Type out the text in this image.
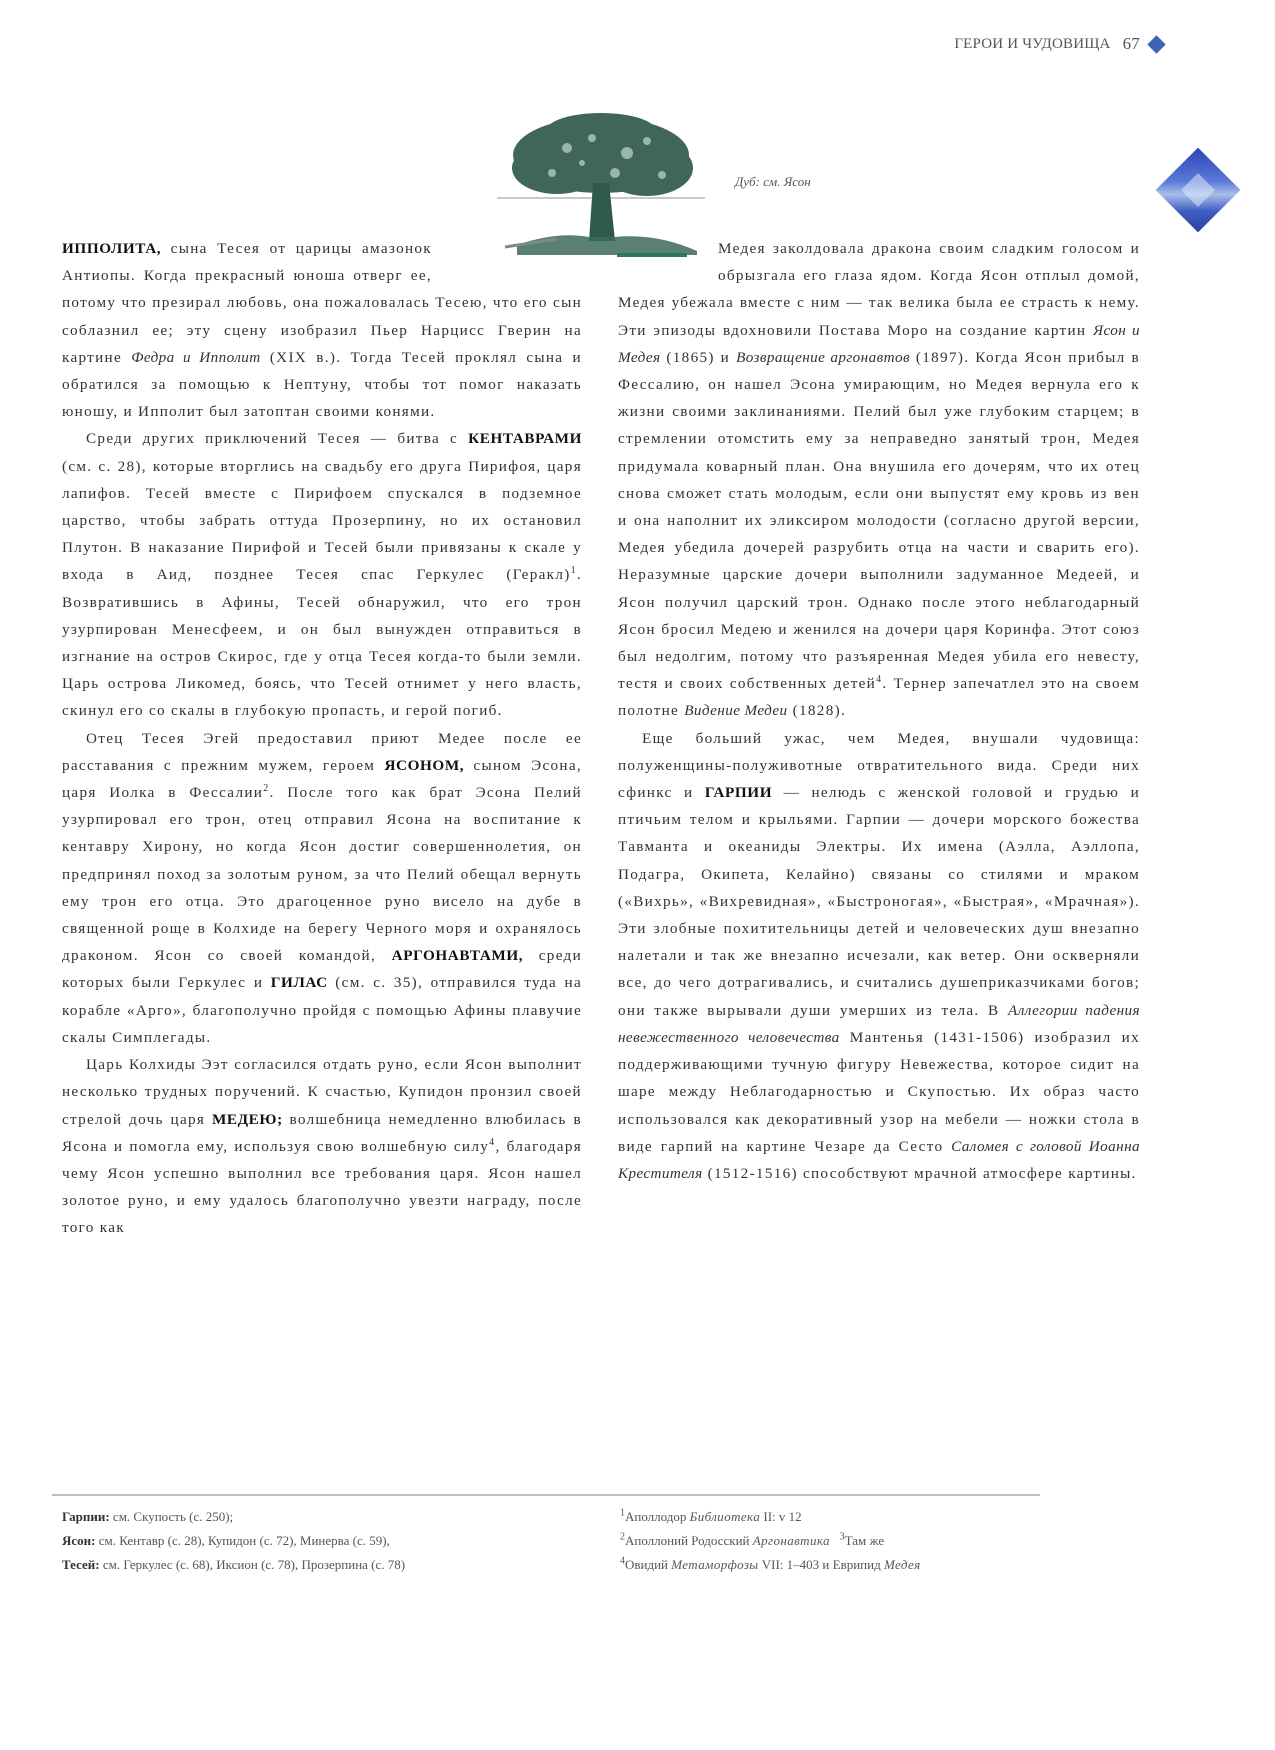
ГЕРОИ И ЧУДОВИЩА 67
Дуб: см. Ясон

ИППОЛИТА, сына Тесея от царицы амазонок Антиопы. Когда прекрасный юноша отверг ее, потому что презирал любовь, она пожаловалась Тесею, что его сын соблазнил ее; эту сцену изобразил Пьер Нарцисс Гверин на картине Федра и Ипполит (XIX в.). Тогда Тесей проклял сына и обратился за помощью к Нептуну, чтобы тот помог наказать юношу, и Ипполит был затоптан своими конями.

Среди других приключений Тесея — битва с КЕНТАВРАМИ (см. с. 28), которые вторглись на свадьбу его друга Пирифоя, царя лапифов. Тесей вместе с Пирифоем спускался в подземное царство, чтобы забрать оттуда Прозерпину, но их остановил Плутон. В наказание Пирифой и Тесей были привязаны к скале у входа в Аид, позднее Тесея спас Геркулес (Геракл)$^1$. Возвратившись в Афины, Тесей обнаружил, что его трон узурпирован Менесфеем, и он был вынужден отправиться в изгнание на остров Скирос, где у отца Тесея когда-то были земли. Царь острова Ликомед, боясь, что Тесей отнимет у него власть, скинул его со скалы в глубокую пропасть, и герой погиб.

Отец Тесея Эгей предоставил приют Медее после ее расставания с прежним мужем, героем ЯСОНОМ, сыном Эсона, царя Иолка в Фессалии$^2$. После того как брат Эсона Пелий узурпировал его трон, отец отправил Ясона на воспитание к кентавру Хирону, но когда Ясон достиг совершеннолетия, он предпринял поход за золотым руном, за что Пелий обещал вернуть ему трон его отца. Это драгоценное руно висело на дубе в священной роще в Колхиде на берегу Черного моря и охранялось драконом. Ясон со своей командой, АРГОНАВТАМИ, среди которых были Геркулес и ГИЛАС (см. с. 35), отправился туда на корабле «Арго», благополучно пройдя с помощью Афины плавучие скалы Симплегады.

Царь Колхиды Ээт согласился отдать руно, если Ясон выполнит несколько трудных поручений. К счастью, Купидон пронзил своей стрелой дочь царя МЕДЕЮ; волшебница немедленно влюбилась в Ясона и помогла ему, используя свою волшебную силу$^4$, благодаря чему Ясон успешно выполнил все требования царя. Ясон нашел золотое руно, и ему удалось благополучно увезти награду, после того как

Медея заколдовала дракона своим сладким голосом и обрызгала его глаза ядом. Когда Ясон отплыл домой, Медея убежала вместе с ним — так велика была ее страсть к нему. Эти эпизоды вдохновили Постава Моро на создание картин Ясон и Медея (1865) и Возвращение аргонавтов (1897). Когда Ясон прибыл в Фессалию, он нашел Эсона умирающим, но Медея вернула его к жизни своими заклинаниями. Пелий был уже глубоким старцем; в стремлении отомстить ему за неправедно занятый трон, Медея придумала коварный план. Она внушила его дочерям, что их отец снова сможет стать молодым, если они выпустят ему кровь из вен и она наполнит их эликсиром молодости (согласно другой версии, Медея убедила дочерей разрубить отца на части и сварить его). Неразумные царские дочери выполнили задуманное Медеей, и Ясон получил царский трон. Однако после этого неблагодарный Ясон бросил Медею и женился на дочери царя Коринфа. Этот союз был недолгим, потому что разъяренная Медея убила его невесту, тестя и своих собственных детей$^4$. Тернер запечатлел это на своем полотне Видение Медеи (1828).

Еще больший ужас, чем Медея, внушали чудовища: полуженщины-полуживотные отвратительного вида. Среди них сфинкс и ГАРПИИ — нелюдь с женской головой и грудью и птичьим телом и крыльями. Гарпии — дочери морского божества Тавманта и океаниды Электры. Их имена (Аэлла, Аэллопа, Подагра, Окипета, Келайно) связаны со стилями и мраком («Вихрь», «Вихревидная», «Быстроногая», «Быстрая», «Мрачная»). Эти злобные похитительницы детей и человеческих душ внезапно налетали и так же внезапно исчезали, как ветер. Они оскверняли все, до чего дотрагивались, и считались душеприказчиками богов; они также вырывали души умерших из тела. В Аллегории падения невежественного человечества Мантенья (1431-1506) изобразил их поддерживающими тучную фигуру Невежества, которое сидит на шаре между Неблагодарностью и Скупостью. Их образ часто использовался как декоративный узор на мебели — ножки стола в виде гарпий на картине Чезаре да Сесто Саломея с головой Иоанна Крестителя (1512-1516) способствуют мрачной атмосфере картины.

Гарпии: см. Скупость (с. 250);
Ясон: см. Кентавр (с. 28), Купидон (с. 72), Минерва (с. 59),
Тесей: см. Геркулес (с. 68), Иксион (с. 78), Прозерпина (с. 78)
$^1$Аполлодор Библиотека II: v 12
$^2$Аполлоний Родосский Аргонавтика $^3$Там же
$^4$Овидий Метаморфозы VII: 1–403 и Еврипид Медея
